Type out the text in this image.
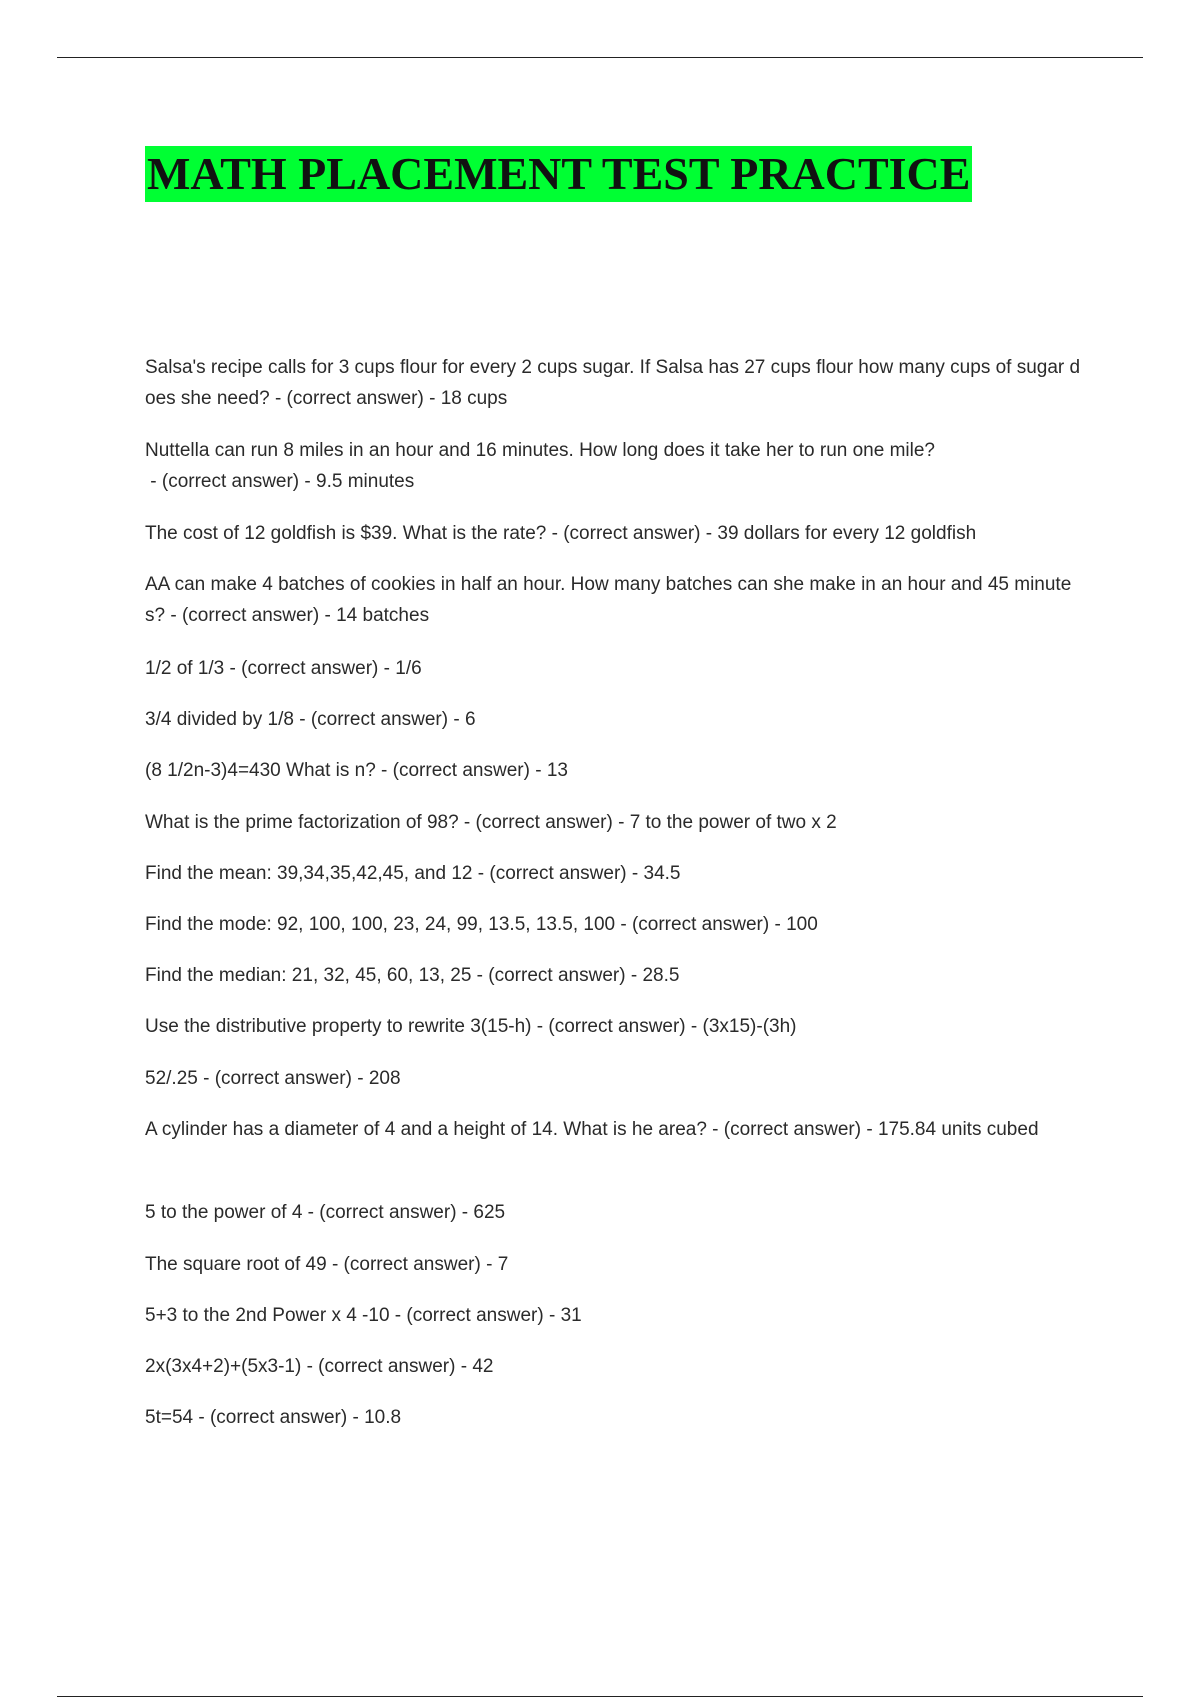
MATH PLACEMENT TEST PRACTICE
Salsa's recipe calls for 3 cups flour for every 2 cups sugar. If Salsa has 27 cups flour how many cups of sugar does she need? - (correct answer) - 18 cups
Nuttella can run 8 miles in an hour and 16 minutes. How long does it take her to run one mile? - (correct answer) - 9.5 minutes
The cost of 12 goldfish is $39. What is the rate? - (correct answer) - 39 dollars for every 12 goldfish
AA can make 4 batches of cookies in half an hour. How many batches can she make in an hour and 45 minutes? - (correct answer) - 14 batches
1/2 of 1/3 - (correct answer) - 1/6
3/4 divided by 1/8 - (correct answer) - 6
(8 1/2n-3)4=430 What is n? - (correct answer) - 13
What is the prime factorization of 98? - (correct answer) - 7 to the power of two x 2
Find the mean: 39,34,35,42,45, and 12 - (correct answer) - 34.5
Find the mode: 92, 100, 100, 23, 24, 99, 13.5, 13.5, 100 - (correct answer) - 100
Find the median: 21, 32, 45, 60, 13, 25 - (correct answer) - 28.5
Use the distributive property to rewrite 3(15-h) - (correct answer) - (3x15)-(3h)
52/.25 - (correct answer) - 208
A cylinder has a diameter of 4 and a height of 14. What is he area? - (correct answer) - 175.84 units cubed
5 to the power of 4 - (correct answer) - 625
The square root of 49 - (correct answer) - 7
5+3 to the 2nd Power x 4 -10 - (correct answer) - 31
2x(3x4+2)+(5x3-1) - (correct answer) - 42
5t=54 - (correct answer) - 10.8
